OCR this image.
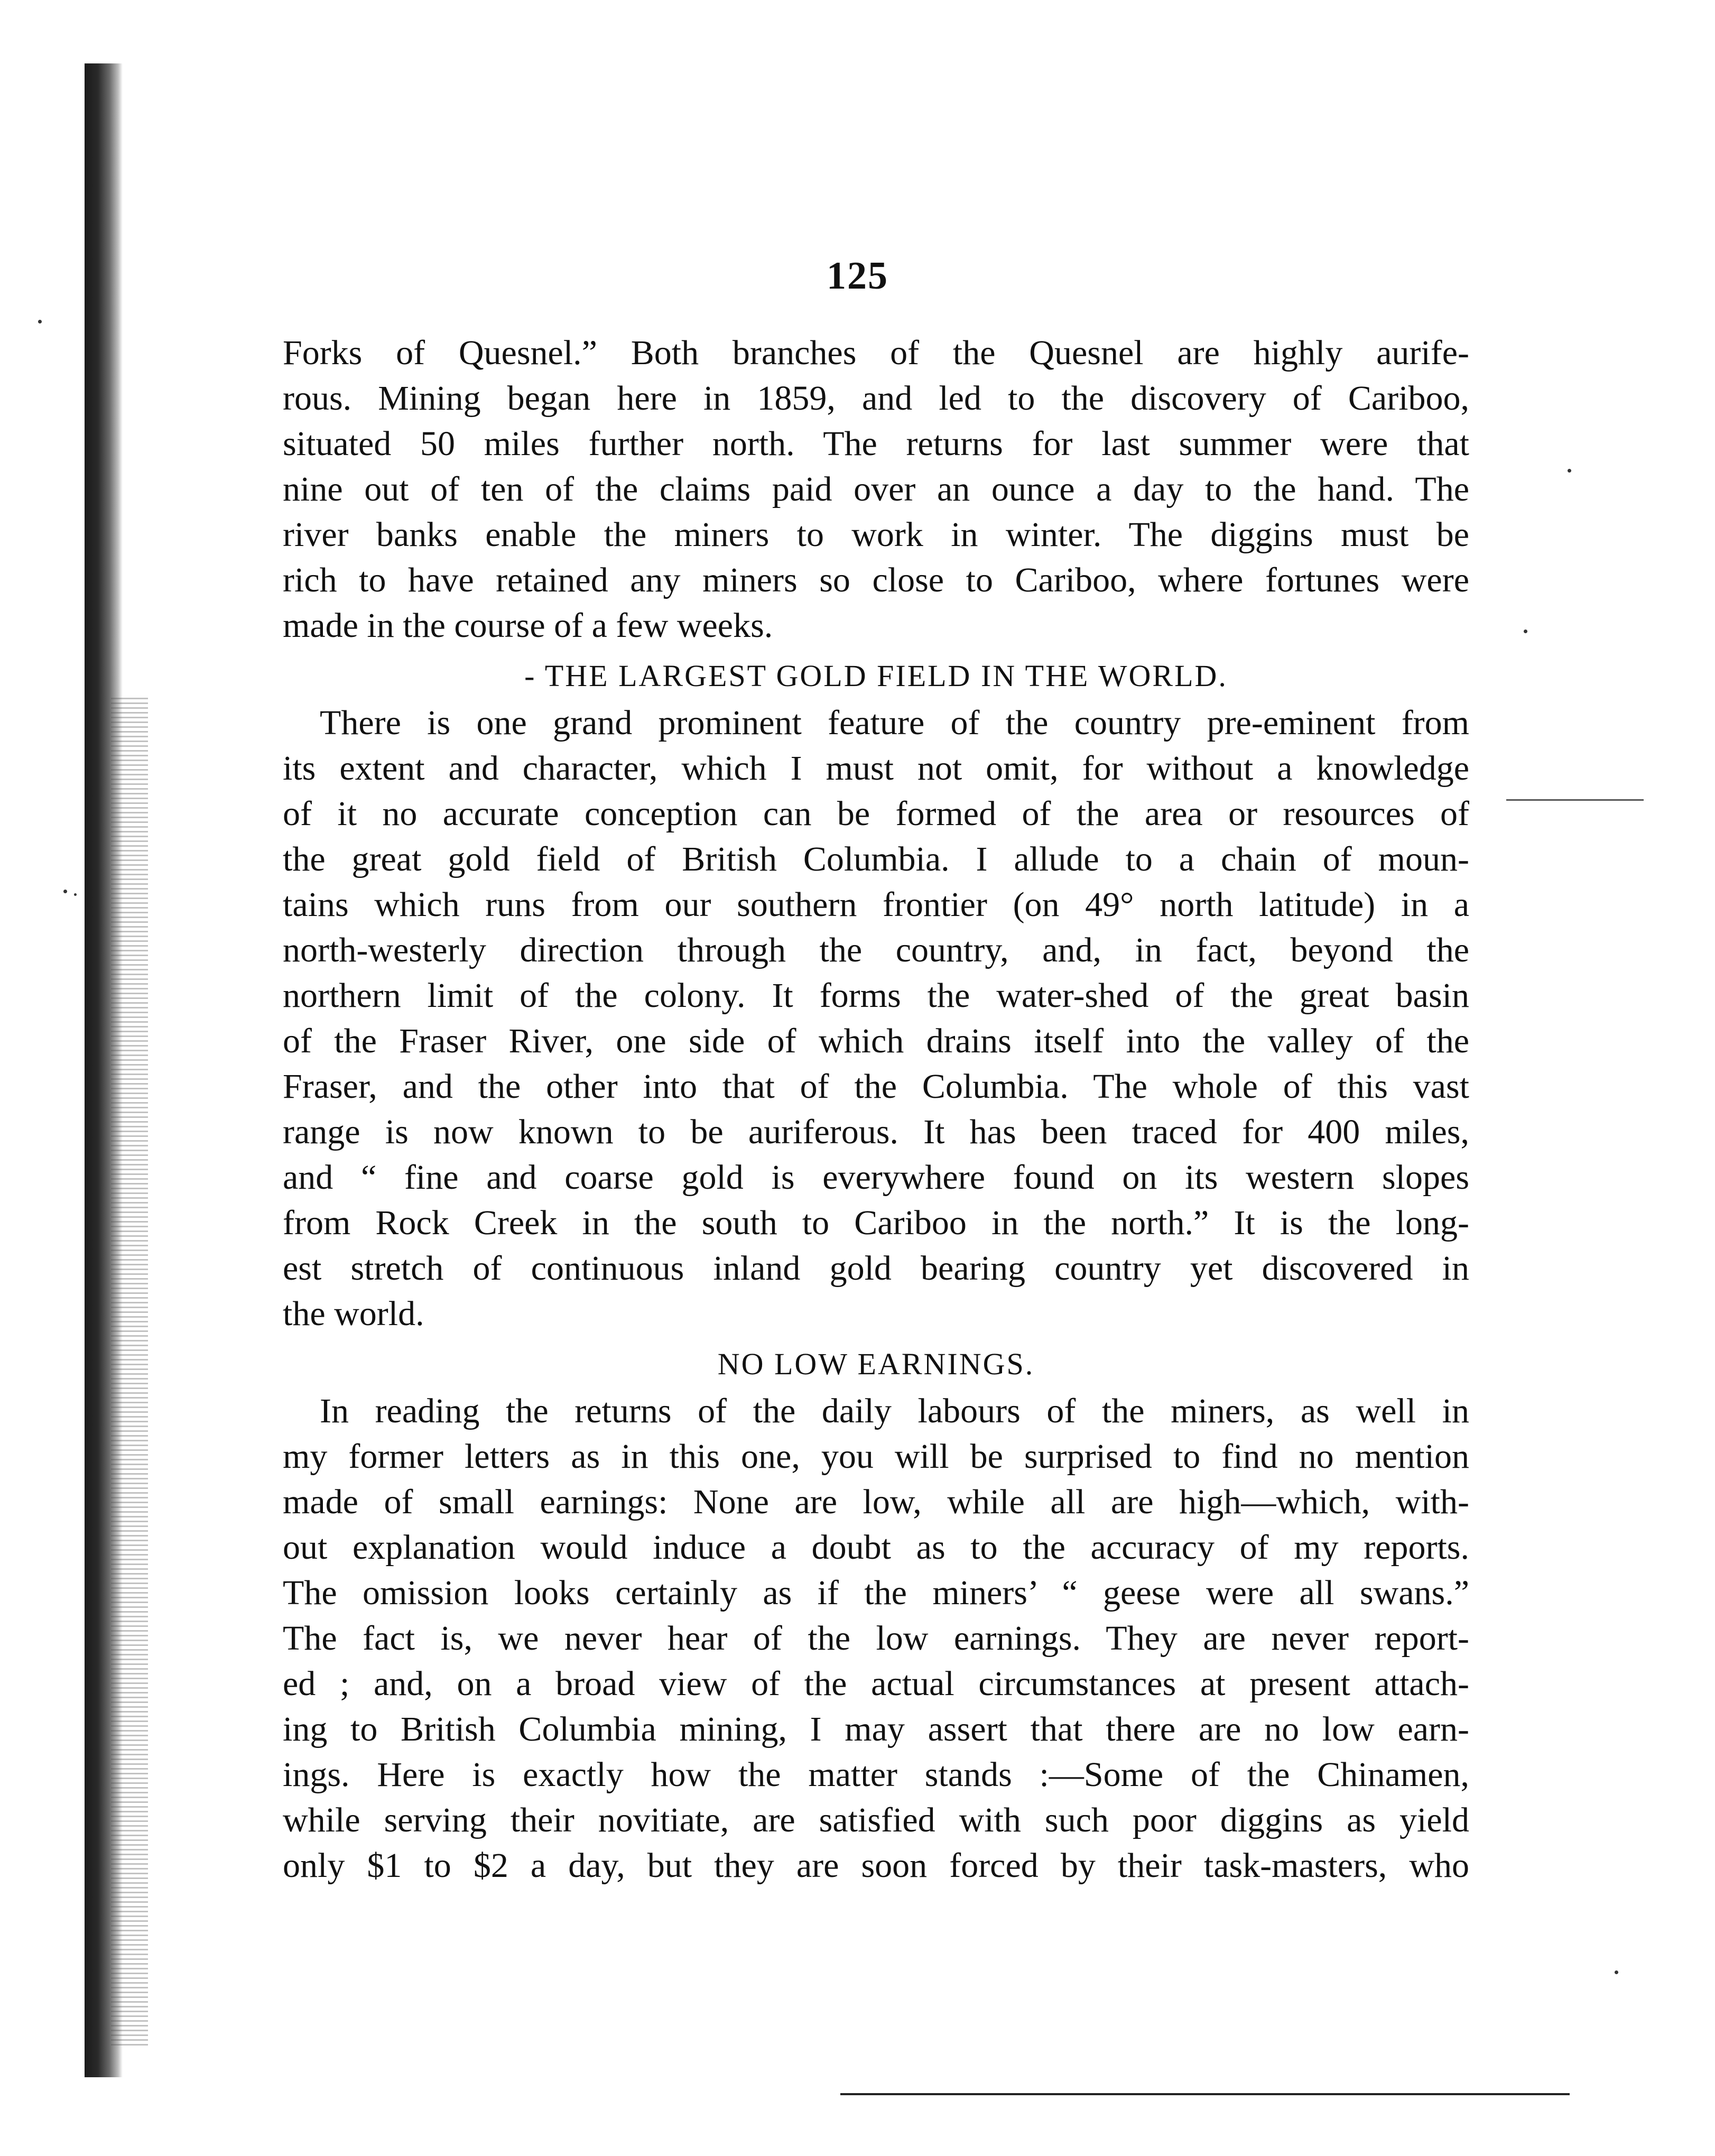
125

Forks of Quesnel.” Both branches of the Quesnel are highly aurife-
rous. Mining began here in 1859, and led to the discovery of Cariboo,
situated 50 miles further north. The returns for last summer were that
nine out of ten of the claims paid over an ounce a day to the hand. The
river banks enable the miners to work in winter. The diggins must be
rich to have retained any miners so close to Cariboo, where fortunes were
made in the course of a few weeks.

- THE LARGEST GOLD FIELD IN THE WORLD.

There is one grand prominent feature of the country pre-eminent from
its extent and character, which I must not omit, for without a knowledge
of it no accurate conception can be formed of the area or resources of
the great gold field of British Columbia. I allude to a chain of moun-
tains which runs from our southern frontier (on 49° north latitude) in a
north-westerly direction through the country, and, in fact, beyond the
northern limit of the colony. It forms the water-shed of the great basin
of the Fraser River, one side of which drains itself into the valley of the
Fraser, and the other into that of the Columbia. The whole of this vast
range is now known to be auriferous. It has been traced for 400 miles,
and “ fine and coarse gold is everywhere found on its western slopes
from Rock Creek in the south to Cariboo in the north.” It is the long-
est stretch of continuous inland gold bearing country yet discovered in
the world.

NO LOW EARNINGS.

In reading the returns of the daily labours of the miners, as well in
my former letters as in this one, you will be surprised to find no mention
made of small earnings: None are low, while all are high—which, with-
out explanation would induce a doubt as to the accuracy of my reports.
The omission looks certainly as if the miners’ “ geese were all swans.”
The fact is, we never hear of the low earnings. They are never report-
ed ; and, on a broad view of the actual circumstances at present attach-
ing to British Columbia mining, I may assert that there are no low earn-
ings. Here is exactly how the matter stands :—Some of the Chinamen,
while serving their novitiate, are satisfied with such poor diggins as yield
only $1 to $2 a day, but they are soon forced by their task-masters, who
